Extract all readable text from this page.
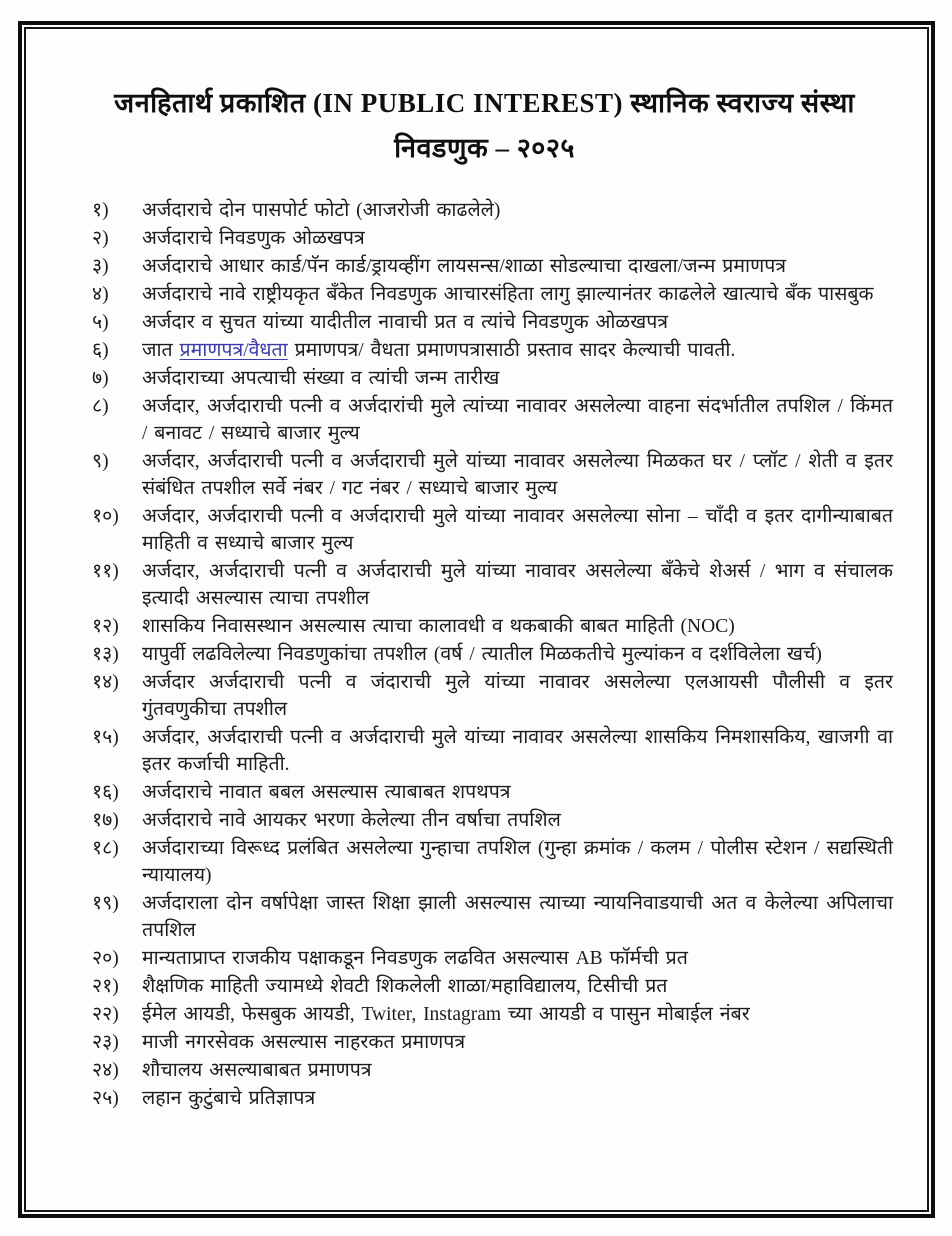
जनहितार्थ प्रकाशित (IN PUBLIC INTEREST) स्थानिक स्वराज्य संस्था
निवडणुक – २०२५
१)	अर्जदाराचे दोन पासपोर्ट फोटो (आजरोजी काढलेले)
२)	अर्जदाराचे निवडणुक ओळखपत्र
३)	अर्जदाराचे आधार कार्ड/पॅन कार्ड/ड्रायव्हींग लायसन्स/शाळा सोडल्याचा दाखला/जन्म प्रमाणपत्र
४)	अर्जदाराचे नावे राष्ट्रीयकृत बँकेत निवडणुक आचारसंहिता लागु झाल्यानंतर काढलेले खात्याचे बँक पासबुक
५)	अर्जदार व सुचत यांच्या यादीतील नावाची प्रत व त्यांचे निवडणुक ओळखपत्र
६)	जात प्रमाणपत्र/वैधता प्रमाणपत्र/ वैधता प्रमाणपत्रासाठी प्रस्ताव सादर केल्याची पावती.
७)	अर्जदाराच्या अपत्याची संख्या व त्यांची जन्म तारीख
८)	अर्जदार, अर्जदाराची पत्नी व अर्जदारांची मुले त्यांच्या नावावर असलेल्या वाहना संदर्भातील तपशिल / किंमत / बनावट / सध्याचे बाजार मुल्य
९)	अर्जदार, अर्जदाराची पत्नी व अर्जदाराची मुले यांच्या नावावर असलेल्या मिळकत घर / प्लॉट / शेती व इतर संबंधित तपशील सर्वे नंबर / गट नंबर / सध्याचे बाजार मुल्य
१०)	अर्जदार, अर्जदाराची पत्नी व अर्जदाराची मुले यांच्या नावावर असलेल्या सोना – चॉंदी व इतर दागीन्याबाबत माहिती व सध्याचे बाजार मुल्य
११)	अर्जदार, अर्जदाराची पत्नी व अर्जदाराची मुले यांच्या नावावर असलेल्या बँकेचे शेअर्स / भाग व संचालक इत्यादी असल्यास त्याचा तपशील
१२)	शासकिय निवासस्थान असल्यास त्याचा कालावधी व थकबाकी बाबत माहिती (NOC)
१३)	यापुर्वी लढविलेल्या निवडणुकांचा तपशील (वर्ष / त्यातील मिळकतीचे मुल्यांकन व दर्शविलेला खर्च)
१४)	अर्जदार अर्जदाराची पत्नी व जंदाराची मुले यांच्या नावावर असलेल्या एलआयसी पौलीसी व इतर गुंतवणुकीचा तपशील
१५)	अर्जदार, अर्जदाराची पत्नी व अर्जदाराची मुले यांच्या नावावर असलेल्या शासकिय निमशासकिय, खाजगी वा इतर कर्जाची माहिती.
१६)	अर्जदाराचे नावात बबल असल्यास त्याबाबत शपथपत्र
१७)	अर्जदाराचे नावे आयकर भरणा केलेल्या तीन वर्षाचा तपशिल
१८)	अर्जदाराच्या विरूध्द प्रलंबित असलेल्या गुन्हाचा तपशिल (गुन्हा क्रमांक / कलम / पोलीस स्टेशन / सद्यस्थिती न्यायालय)
१९)	अर्जदाराला दोन वर्षापेक्षा जास्त शिक्षा झाली असल्यास त्याच्या न्यायनिवाडयाची अत व केलेल्या अपिलाचा तपशिल
२०)	मान्यताप्राप्त राजकीय पक्षाकडून निवडणुक लढवित असल्यास AB फॉर्मची प्रत
२१)	शैक्षणिक माहिती ज्यामध्ये शेवटी शिकलेली शाळा/महाविद्यालय, टिसीची प्रत
२२)	ईमेल आयडी, फेसबुक आयडी, Twiter, Instagram च्या आयडी व पासुन मोबाईल नंबर
२३)	माजी नगरसेवक असल्यास नाहरकत प्रमाणपत्र
२४)	शौचालय असल्याबाबत प्रमाणपत्र
२५)	लहान कुटुंबाचे प्रतिज्ञापत्र
